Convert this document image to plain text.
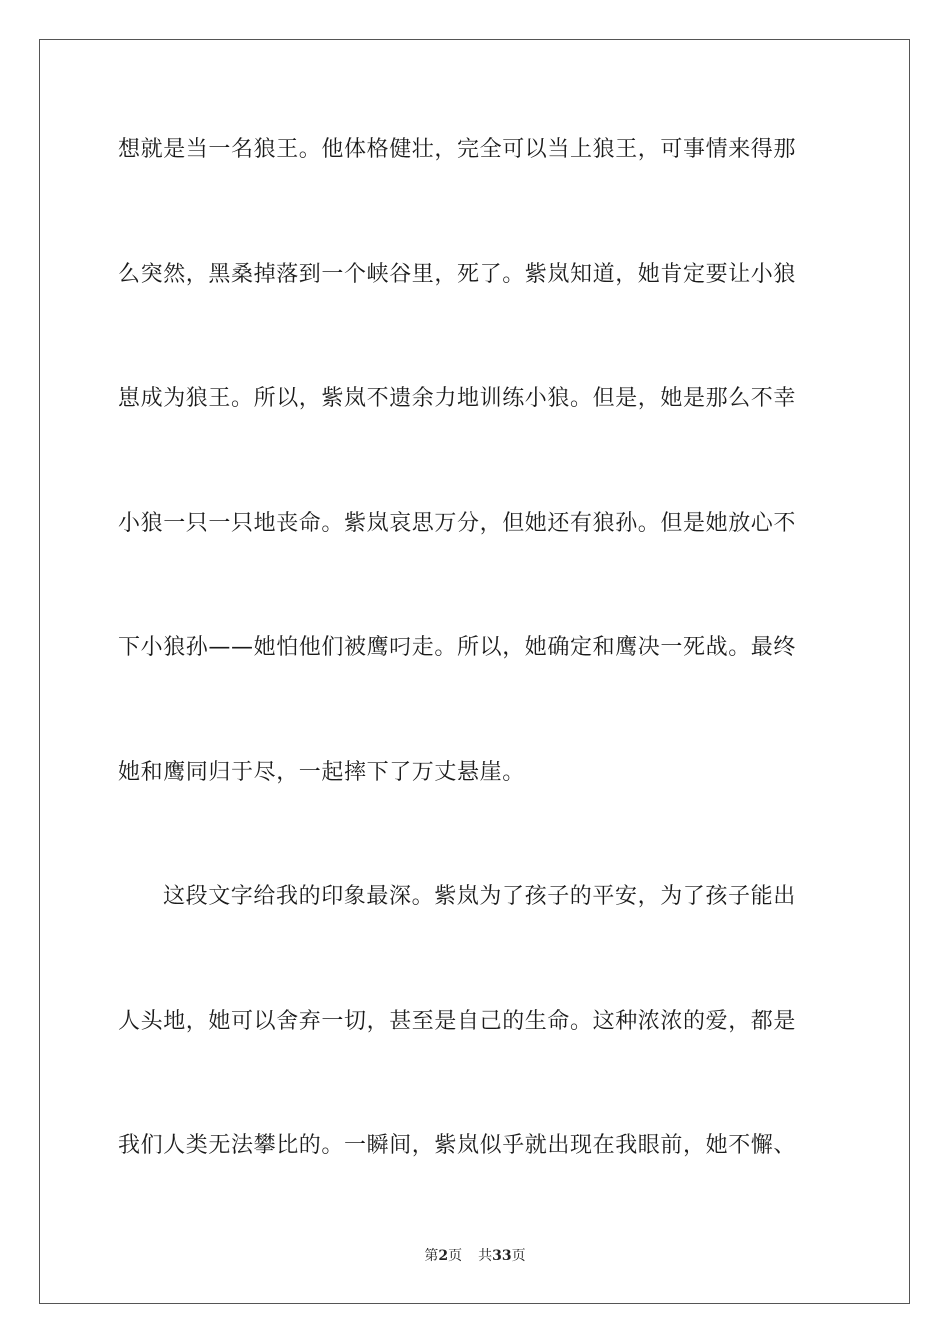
想就是当一名狼王。他体格健壮，完全可以当上狼王，可事情来得那
么突然，黑桑掉落到一个峡谷里，死了。紫岚知道，她肯定要让小狼
崽成为狼王。所以，紫岚不遗余力地训练小狼。但是，她是那么不幸
小狼一只一只地丧命。紫岚哀思万分，但她还有狼孙。但是她放心不
下小狼孙——她怕他们被鹰叼走。所以，她确定和鹰决一死战。最终
她和鹰同归于尽，一起摔下了万丈悬崖。
这段文字给我的印象最深。紫岚为了孩子的平安，为了孩子能出
人头地，她可以舍弃一切，甚至是自己的生命。这种浓浓的爱，都是
我们人类无法攀比的。一瞬间，紫岚似乎就出现在我眼前，她不懈、
第2页 共33页
